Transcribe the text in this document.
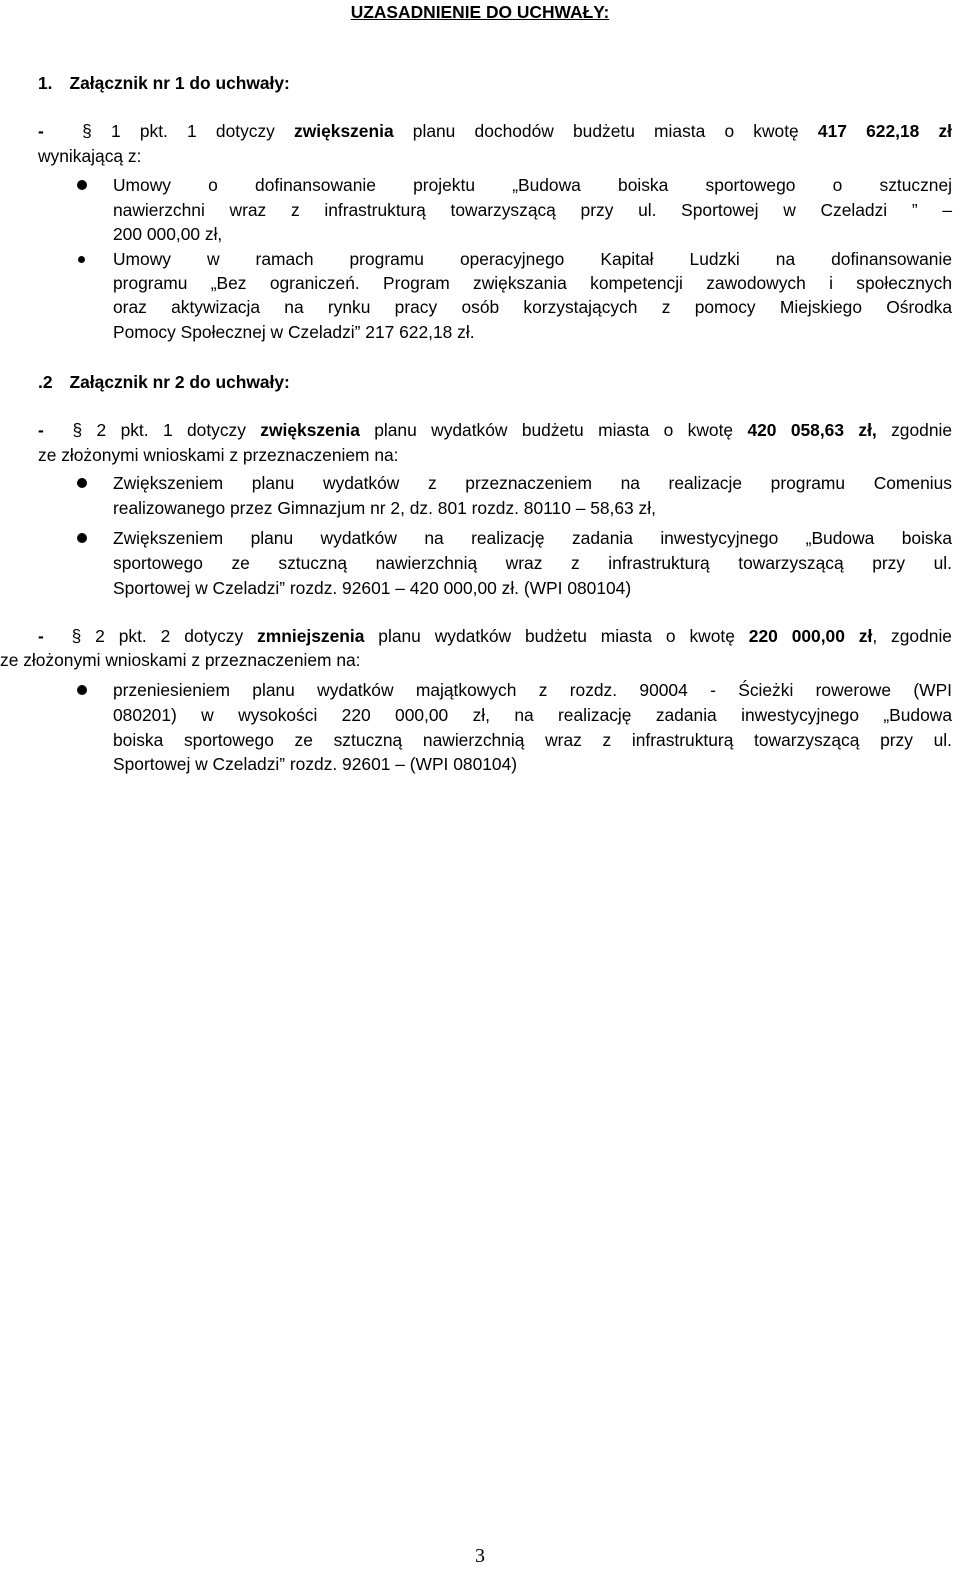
UZASADNIENIE DO UCHWAŁY:
1. Załącznik nr 1 do uchwały:
- § 1 pkt. 1 dotyczy zwiększenia planu dochodów budżetu miasta o kwotę 417 622,18 zł
wynikającą z:
Umowy o dofinansowanie projektu „Budowa boiska sportowego o sztucznej
nawierzchni wraz z infrastrukturą towarzyszącą przy ul. Sportowej w Czeladzi ” –
200 000,00 zł,
Umowy w ramach programu operacyjnego Kapitał Ludzki na dofinansowanie
programu „Bez ograniczeń. Program zwiększania kompetencji zawodowych i społecznych
oraz aktywizacja na rynku pracy osób korzystających z pomocy Miejskiego Ośrodka
Pomocy Społecznej w Czeladzi” 217 622,18 zł.
.2 Załącznik nr 2 do uchwały:
- § 2 pkt. 1 dotyczy zwiększenia planu wydatków budżetu miasta o kwotę 420 058,63 zł, zgodnie
ze złożonymi wnioskami z przeznaczeniem na:
Zwiększeniem planu wydatków z przeznaczeniem na realizacje programu Comenius
realizowanego przez Gimnazjum nr 2, dz. 801 rozdz. 80110 – 58,63 zł,
Zwiększeniem planu wydatków na realizację zadania inwestycyjnego „Budowa boiska
sportowego ze sztuczną nawierzchnią wraz z infrastrukturą towarzyszącą przy ul.
Sportowej w Czeladzi” rozdz. 92601 – 420 000,00 zł. (WPI 080104)
- § 2 pkt. 2 dotyczy zmniejszenia planu wydatków budżetu miasta o kwotę 220 000,00 zł, zgodnie
ze złożonymi wnioskami z przeznaczeniem na:
przeniesieniem planu wydatków majątkowych z rozdz. 90004 - Ścieżki rowerowe (WPI
080201) w wysokości 220 000,00 zł, na realizację zadania inwestycyjnego „Budowa
boiska sportowego ze sztuczną nawierzchnią wraz z infrastrukturą towarzyszącą przy ul.
Sportowej w Czeladzi” rozdz. 92601 – (WPI 080104)
3
